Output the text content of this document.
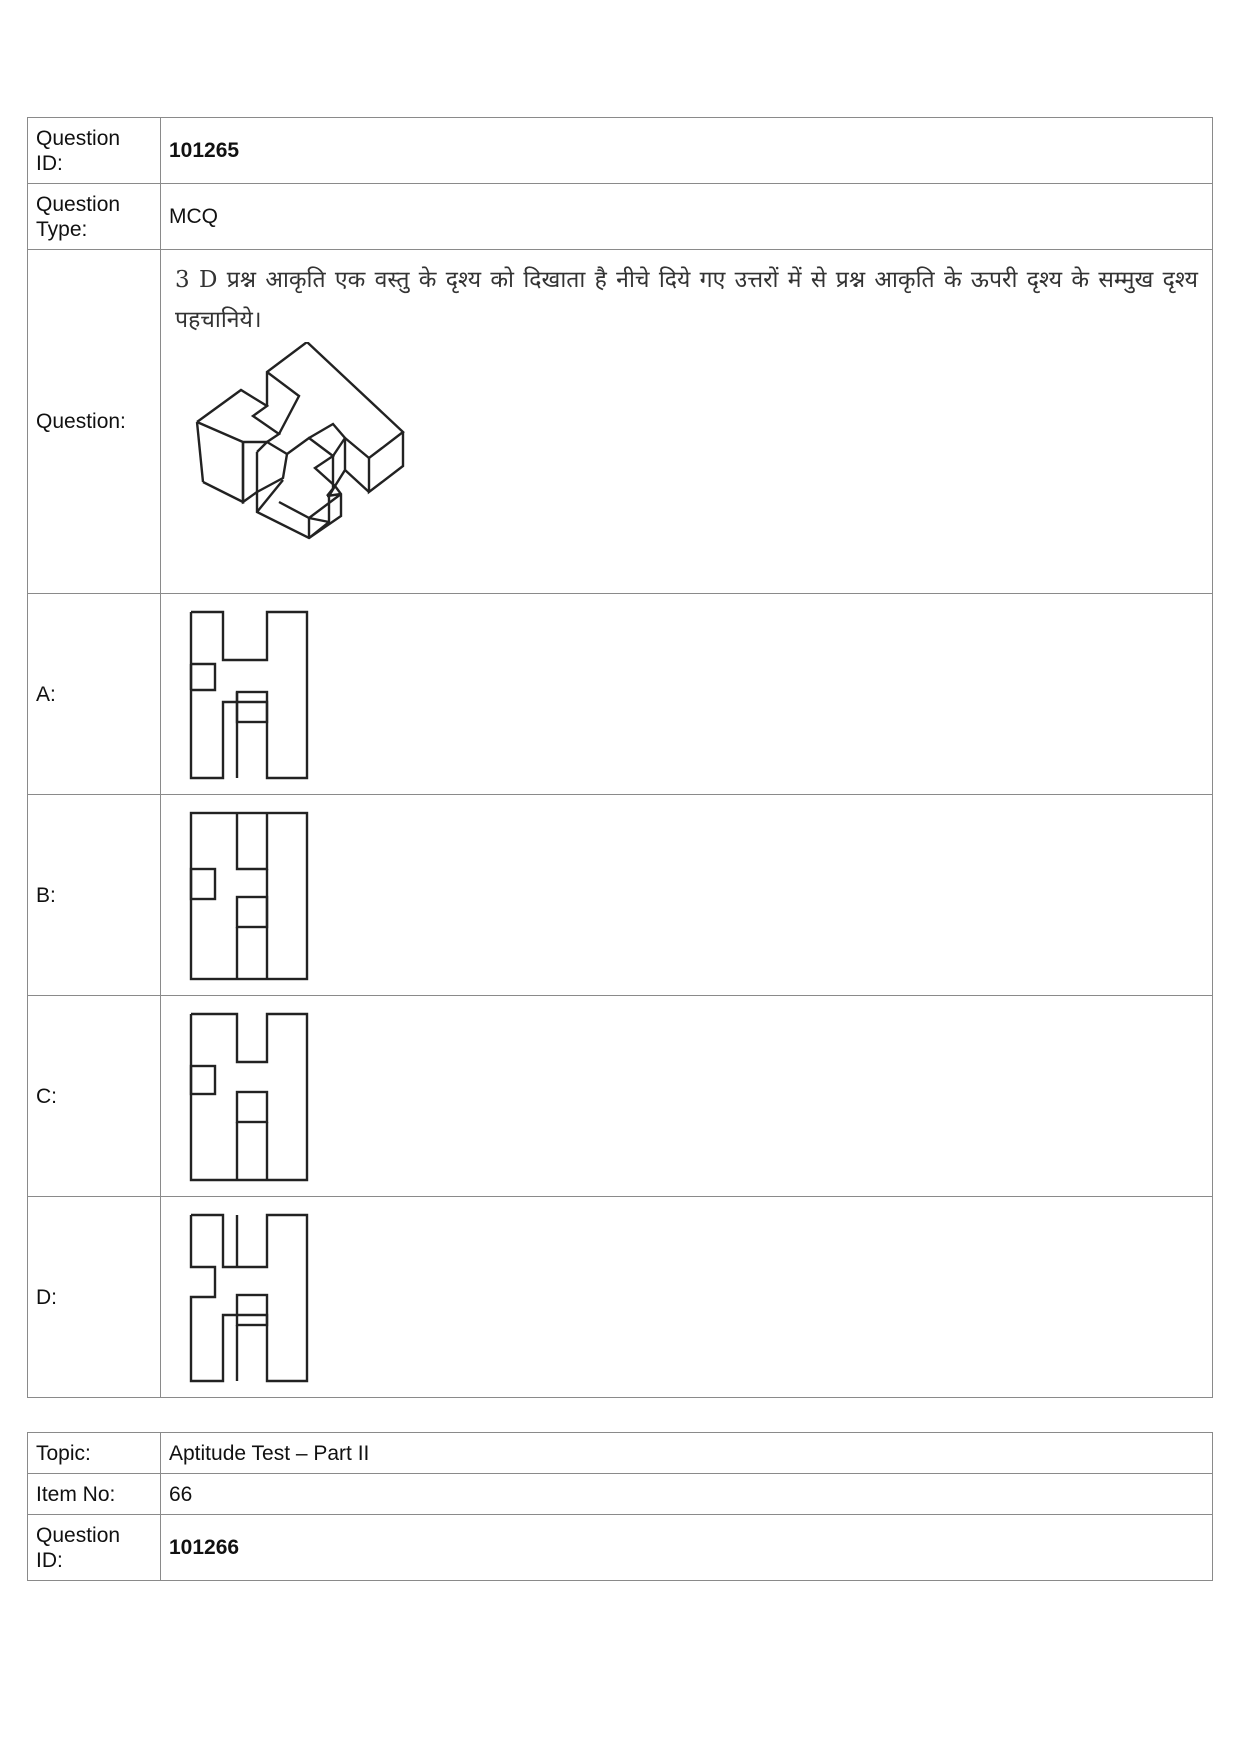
Question ID:	101265
Question Type:	MCQ
Question:	3 D प्रश्न आकृति एक वस्तु के दृश्य को दिखाता है नीचे दिये गए उत्तरों में से प्रश्न आकृति के ऊपरी दृश्य के सम्मुख दृश्य पहचानिये।

A:	

B:	

C:	

D:	
Topic:	Aptitude Test – Part II
Item No:	66
Question ID:	101266
